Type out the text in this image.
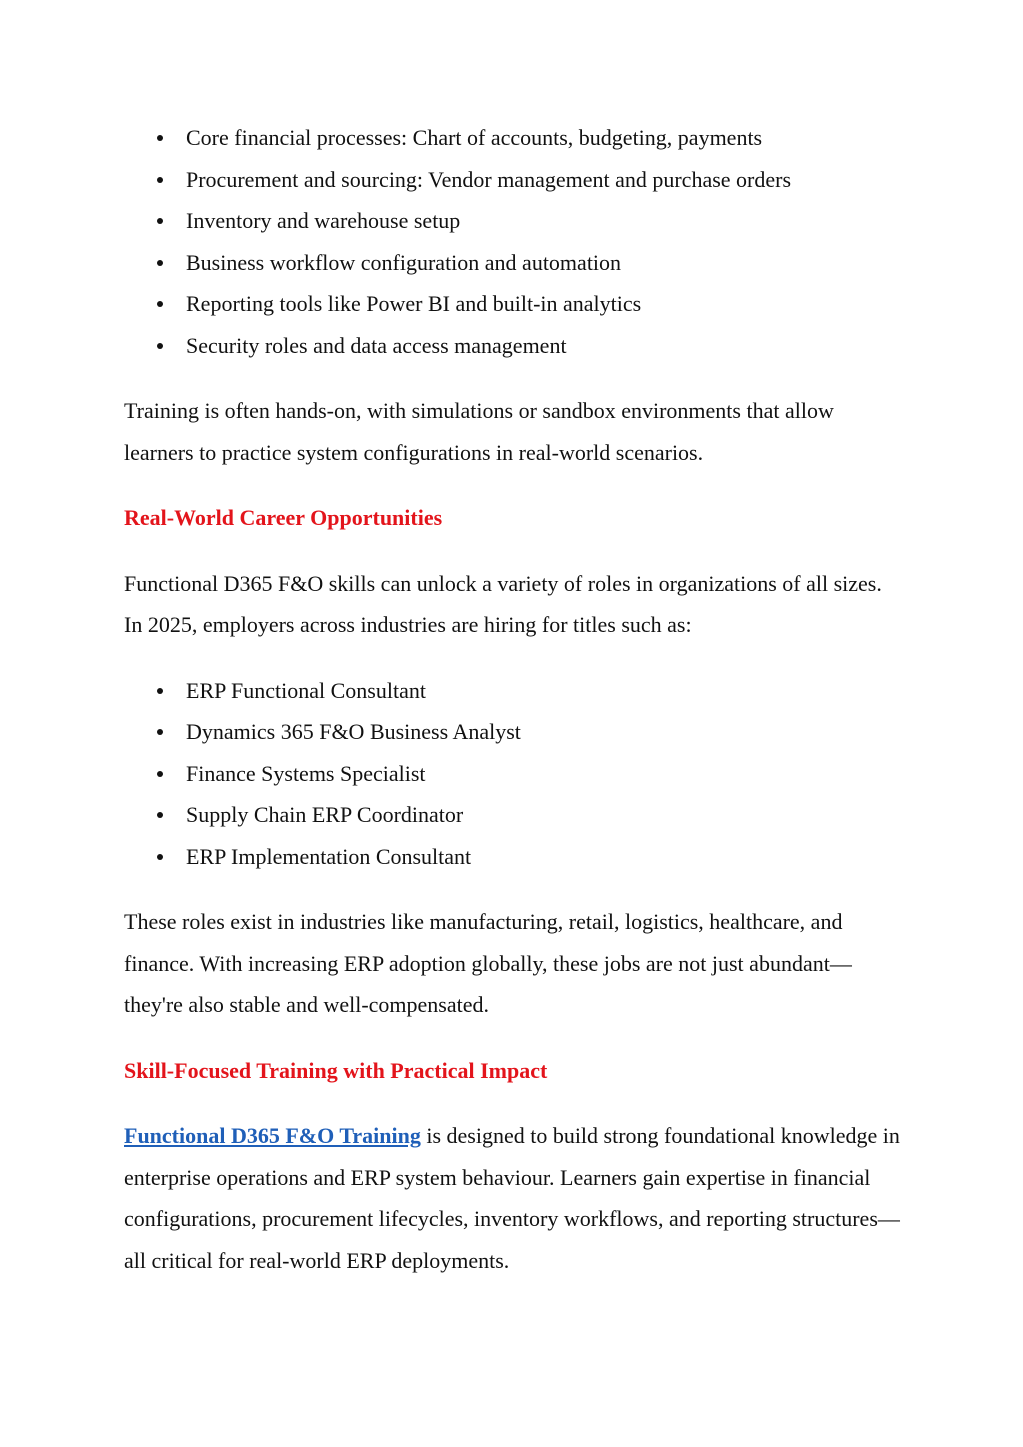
Core financial processes: Chart of accounts, budgeting, payments
Procurement and sourcing: Vendor management and purchase orders
Inventory and warehouse setup
Business workflow configuration and automation
Reporting tools like Power BI and built-in analytics
Security roles and data access management

Training is often hands-on, with simulations or sandbox environments that allow learners to practice system configurations in real-world scenarios.

Real-World Career Opportunities

Functional D365 F&O skills can unlock a variety of roles in organizations of all sizes. In 2025, employers across industries are hiring for titles such as:

ERP Functional Consultant
Dynamics 365 F&O Business Analyst
Finance Systems Specialist
Supply Chain ERP Coordinator
ERP Implementation Consultant

These roles exist in industries like manufacturing, retail, logistics, healthcare, and finance. With increasing ERP adoption globally, these jobs are not just abundant—they're also stable and well-compensated.

Skill-Focused Training with Practical Impact

Functional D365 F&O Training is designed to build strong foundational knowledge in enterprise operations and ERP system behaviour. Learners gain expertise in financial configurations, procurement lifecycles, inventory workflows, and reporting structures—all critical for real-world ERP deployments.
